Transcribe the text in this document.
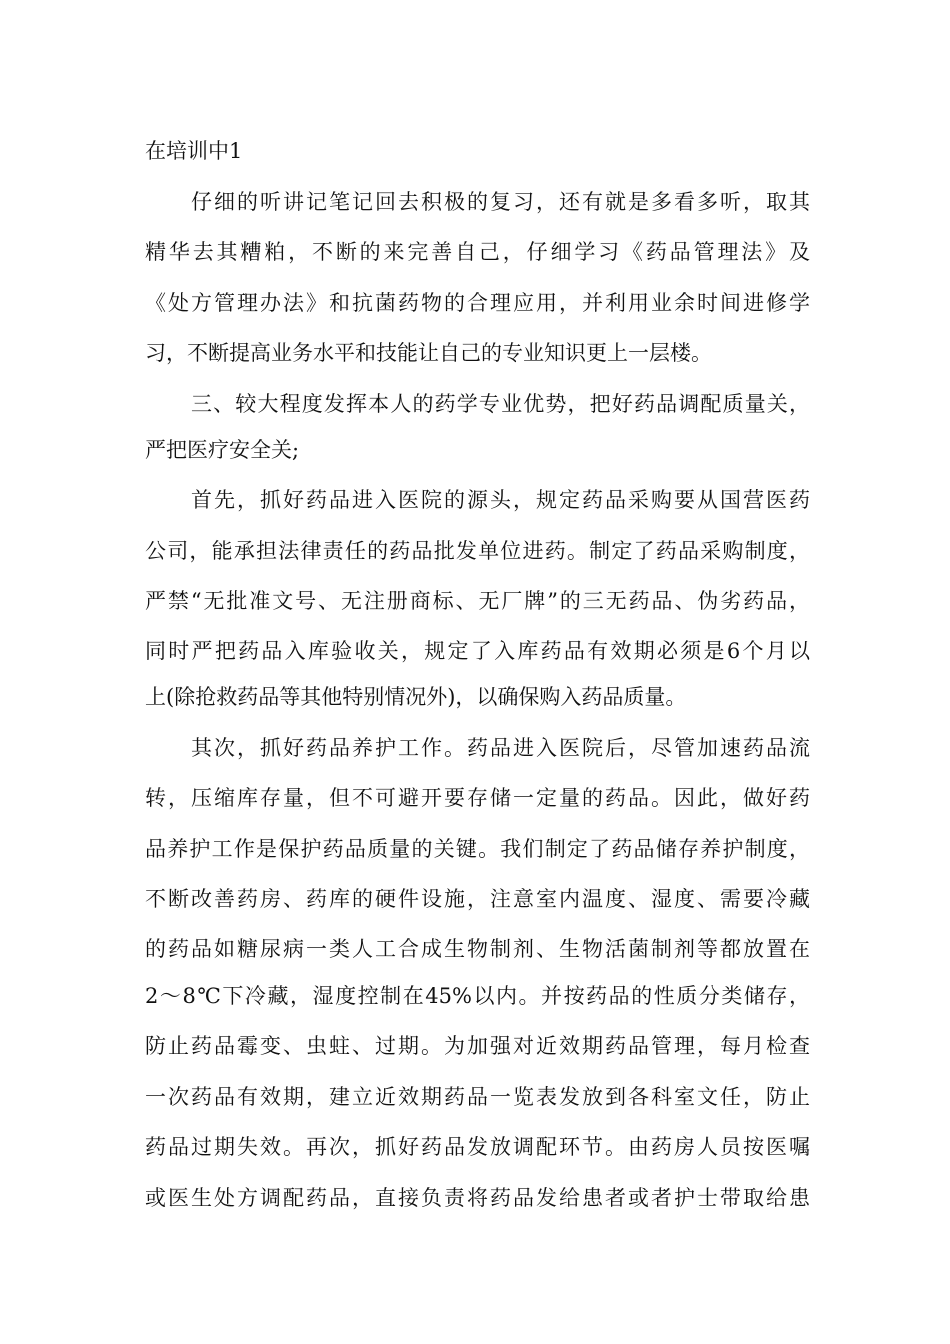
在培训中1

仔细的听讲记笔记回去积极的复习，还有就是多看多听，取其

精华去其糟粕，不断的来完善自己，仔细学习《药品管理法》及

《处方管理办法》和抗菌药物的合理应用，并利用业余时间进修学

习，不断提高业务水平和技能让自己的专业知识更上一层楼。

三、较大程度发挥本人的药学专业优势，把好药品调配质量关，

严把医疗安全关;

首先，抓好药品进入医院的源头，规定药品采购要从国营医药

公司，能承担法律责任的药品批发单位进药。制定了药品采购制度，

严禁“无批准文号、无注册商标、无厂牌”的三无药品、伪劣药品，

同时严把药品入库验收关，规定了入库药品有效期必须是6个月以

上(除抢救药品等其他特别情况外)，以确保购入药品质量。

其次，抓好药品养护工作。药品进入医院后，尽管加速药品流

转，压缩库存量，但不可避开要存储一定量的药品。因此，做好药

品养护工作是保护药品质量的关键。我们制定了药品储存养护制度，

不断改善药房、药库的硬件设施，注意室内温度、湿度、需要冷藏

的药品如糖尿病一类人工合成生物制剂、生物活菌制剂等都放置在

2～8℃下冷藏，湿度控制在45%以内。并按药品的性质分类储存，

防止药品霉变、虫蛀、过期。为加强对近效期药品管理，每月检查

一次药品有效期，建立近效期药品一览表发放到各科室文任，防止

药品过期失效。再次，抓好药品发放调配环节。由药房人员按医嘱

或医生处方调配药品，直接负责将药品发给患者或者护士带取给患
